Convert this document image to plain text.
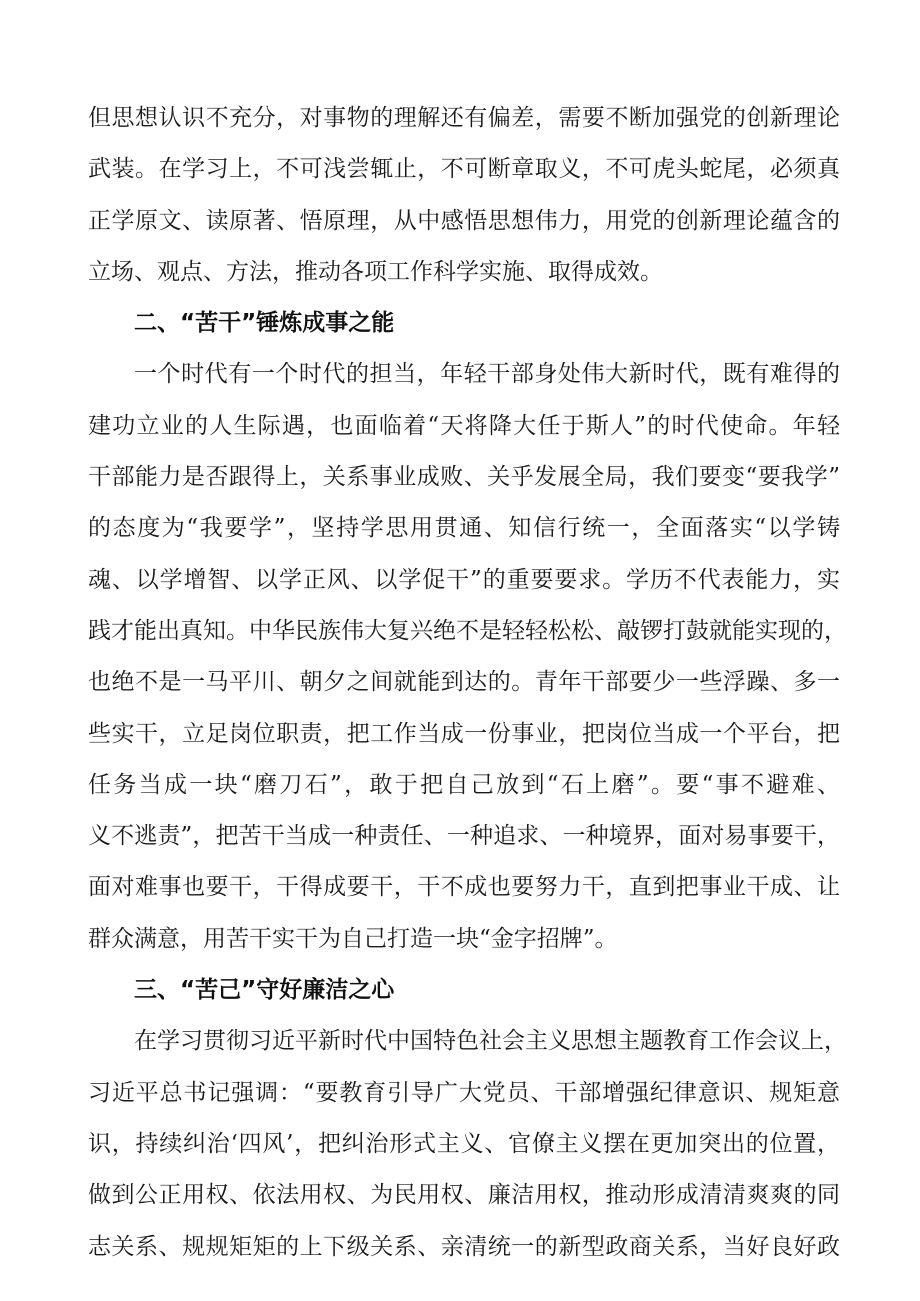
但思想认识不充分，对事物的理解还有偏差，需要不断加强党的创新理论
武装。在学习上，不可浅尝辄止，不可断章取义，不可虎头蛇尾，必须真
正学原文、读原著、悟原理，从中感悟思想伟力，用党的创新理论蕴含的
立场、观点、方法，推动各项工作科学实施、取得成效。
二、“苦干”锤炼成事之能
一个时代有一个时代的担当，年轻干部身处伟大新时代，既有难得的
建功立业的人生际遇，也面临着“天将降大任于斯人”的时代使命。年轻
干部能力是否跟得上，关系事业成败、关乎发展全局，我们要变“要我学”
的态度为“我要学”，坚持学思用贯通、知信行统一，全面落实“以学铸
魂、以学增智、以学正风、以学促干”的重要要求。学历不代表能力，实
践才能出真知。中华民族伟大复兴绝不是轻轻松松、敲锣打鼓就能实现的，
也绝不是一马平川、朝夕之间就能到达的。青年干部要少一些浮躁、多一
些实干，立足岗位职责，把工作当成一份事业，把岗位当成一个平台，把
任务当成一块“磨刀石”，敢于把自己放到“石上磨”。要“事不避难、
义不逃责”，把苦干当成一种责任、一种追求、一种境界，面对易事要干，
面对难事也要干，干得成要干，干不成也要努力干，直到把事业干成、让
群众满意，用苦干实干为自己打造一块“金字招牌”。
三、“苦己”守好廉洁之心
在学习贯彻习近平新时代中国特色社会主义思想主题教育工作会议上，
习近平总书记强调：“要教育引导广大党员、干部增强纪律意识、规矩意
识，持续纠治‘四风’，把纠治形式主义、官僚主义摆在更加突出的位置，
做到公正用权、依法用权、为民用权、廉洁用权，推动形成清清爽爽的同
志关系、规规矩矩的上下级关系、亲清统一的新型政商关系，当好良好政
